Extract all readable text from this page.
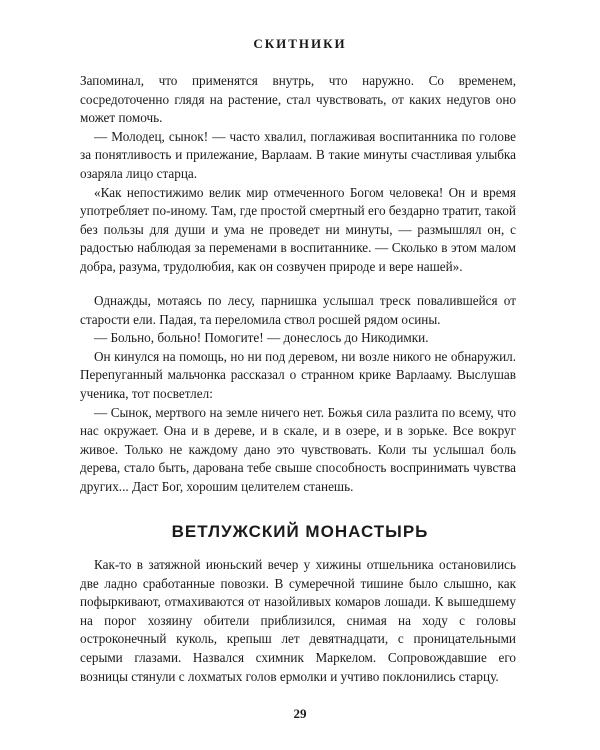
СКИТНИКИ

Запоминал, что применятся внутрь, что наружно. Со временем, сосредоточенно глядя на растение, стал чувствовать, от каких недугов оно может помочь.

— Молодец, сынок! — часто хвалил, поглаживая воспитанника по голове за понятливость и прилежание, Варлаам. В такие минуты счастливая улыбка озаряла лицо старца.

«Как непостижимо велик мир отмеченного Богом человека! Он и время употребляет по-иному. Там, где простой смертный его бездарно тратит, такой без пользы для души и ума не проведет ни минуты, — размышлял он, с радостью наблюдая за переменами в воспитаннике. — Сколько в этом малом добра, разума, трудолюбия, как он созвучен природе и вере нашей».

Однажды, мотаясь по лесу, парнишка услышал треск повалившейся от старости ели. Падая, та переломила ствол росшей рядом осины.

— Больно, больно! Помогите! — донеслось до Никодимки.

Он кинулся на помощь, но ни под деревом, ни возле никого не обнаружил. Перепуганный мальчонка рассказал о странном крике Варлааму. Выслушав ученика, тот посветлел:

— Сынок, мертвого на земле ничего нет. Божья сила разлита по всему, что нас окружает. Она и в дереве, и в скале, и в озере, и в зорьке. Все вокруг живое. Только не каждому дано это чувствовать. Коли ты услышал боль дерева, стало быть, дарована тебе свыше способность воспринимать чувства других... Даст Бог, хорошим целителем станешь.

ВЕТЛУЖСКИЙ МОНАСТЫРЬ

Как-то в затяжной июньский вечер у хижины отшельника остановились две ладно сработанные повозки. В сумеречной тишине было слышно, как пофыркивают, отмахиваются от назойливых комаров лошади. К вышедшему на порог хозяину обители приблизился, снимая на ходу с головы остроконечный куколь, крепыш лет девятнадцати, с проницательными серыми глазами. Назвался схимник Маркелом. Сопровождавшие его возницы стянули с лохматых голов ермолки и учтиво поклонились старцу.

29
